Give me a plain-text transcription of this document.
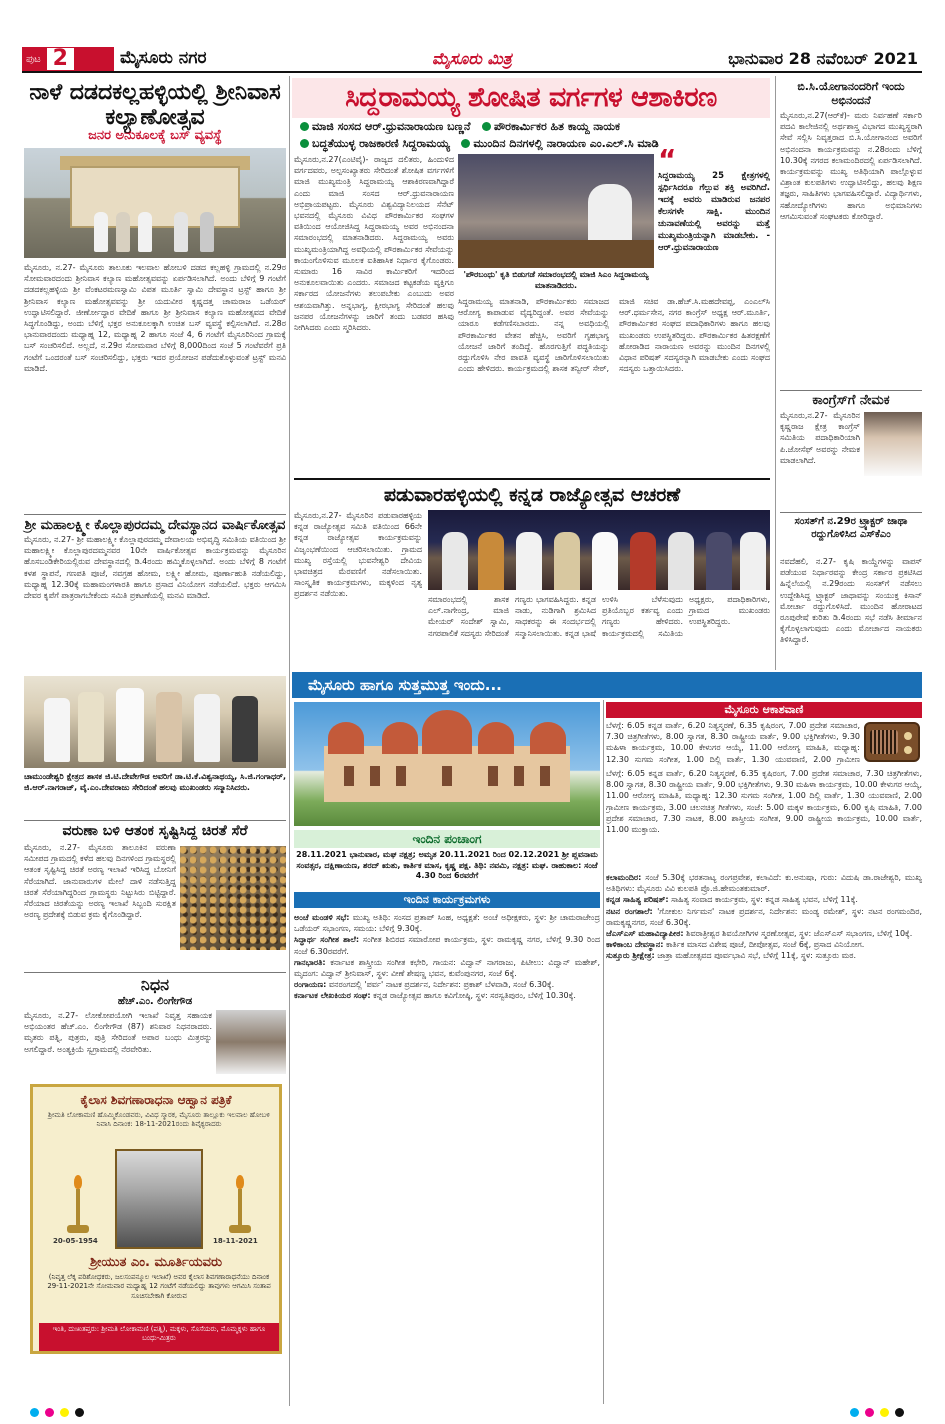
ಪುಟ 2	ಮೈಸೂರು ನಗರ	ಮೈಸೂರು ಮಿತ್ರ	ಭಾನುವಾರ 28 ನವೆಂಬರ್ 2021
ನಾಳೆ ದಡದಕಲ್ಲಹಳ್ಳಿಯಲ್ಲಿ ಶ್ರೀನಿವಾಸ ಕಲ್ಯಾಣೋತ್ಸವ
ಜನರ ಅನುಕೂಲಕ್ಕೆ ಬಸ್ ವ್ಯವಸ್ಥೆ
ಮೈಸೂರು, ನ.27- ಮೈಸೂರು ತಾಲೂಕು ಇಲವಾಲ ಹೋಬಳಿ ದಡದ ಕಲ್ಲಹಳ್ಳಿ ಗ್ರಾಮದಲ್ಲಿ ನ.29ರ ಸೋಮವಾರದಂದು ಶ್ರೀನಿವಾಸ ಕಲ್ಯಾಣ ಮಹೋತ್ಸವವನ್ನು ಏರ್ಪಡಿಸಲಾಗಿದೆ. ಅಂದು ಬೆಳಿಗ್ಗೆ 9 ಗಂಟೆಗೆ ದಡದಕಲ್ಲಹಳ್ಳಿಯ ಶ್ರೀ ವೆಂಕಟರಮಣಸ್ವಾಮಿ ವಿಪತ ಮೂರ್ತಿ ಸ್ವಾಮಿ ದೇವಸ್ಥಾನ ಟ್ರಸ್ಟ್ ಹಾಗೂ ಶ್ರೀ ಶ್ರೀನಿವಾಸ ಕಲ್ಯಾಣ ಮಹೋತ್ಸವವನ್ನು ಶ್ರೀ ಯದುವೀರ ಕೃಷ್ಣದತ್ತ ಚಾಮರಾಜ ಒಡೆಯರ್ ಉದ್ಘಾಟಿಸಲಿದ್ದಾರೆ. ಜೀರ್ಣೋದ್ಧಾರ ವೇದಿಕೆ ಹಾಗೂ ಶ್ರೀ ಶ್ರೀನಿವಾಸ ಕಲ್ಯಾಣ ಮಹೋತ್ಸವದ ವೇದಿಕೆ ಸಿದ್ಧಗೊಂಡಿದ್ದು, ಅಂದು ಬೆಳಿಗ್ಗೆ ಭಕ್ತರ ಅನುಕೂಲಕ್ಕಾಗಿ ಉಚಿತ ಬಸ್ ವ್ಯವಸ್ಥೆ ಕಲ್ಪಿಸಲಾಗಿದೆ. ನ.28ರ ಭಾನುವಾರದಂದು ಮಧ್ಯಾಹ್ನ 12, ಮಧ್ಯಾಹ್ನ 2 ಹಾಗೂ ಸಂಜೆ 4, 6 ಗಂಟೆಗೆ ಮೈಸೂರಿನಿಂದ ಗ್ರಾಮಕ್ಕೆ ಬಸ್ ಸಂಚರಿಸಲಿದೆ. ಅಲ್ಲದೆ, ನ.29ರ ಸೋಮವಾರ ಬೆಳಿಗ್ಗೆ 8,000ದಿಂದ ಸಂಜೆ 5 ಗಂಟೆವರೆಗೆ ಪ್ರತಿ ಗಂಟೆಗೆ ಒಂದರಂತೆ ಬಸ್ ಸಂಚರಿಸಲಿದ್ದು, ಭಕ್ತರು ಇದರ ಪ್ರಯೋಜನ ಪಡೆದುಕೊಳ್ಳುವಂತೆ ಟ್ರಸ್ಟ್ ಮನವಿ ಮಾಡಿದೆ.
ಶ್ರೀ ಮಹಾಲಕ್ಷ್ಮೀ ಕೊಲ್ಲಾಪುರದಮ್ಮ ದೇವಸ್ಥಾನದ ವಾರ್ಷಿಕೋತ್ಸವ
ಮೈಸೂರು, ನ.27- ಶ್ರೀ ಮಹಾಲಕ್ಷ್ಮೀ ಕೊಲ್ಲಾಪುರದಮ್ಮ ದೇವಾಲಯ ಅಭಿವೃದ್ಧಿ ಸಮಿತಿಯ ವತಿಯಿಂದ ಶ್ರೀ ಮಹಾಲಕ್ಷ್ಮೀ ಕೊಲ್ಲಾಪುರದಮ್ಮನವರ 10ನೇ ವಾರ್ಷಿಕೋತ್ಸವ ಕಾರ್ಯಕ್ರಮವನ್ನು ಮೈಸೂರಿನ ಹೊಸಬಂಡಿಕೇರಿಯಲ್ಲಿರುವ ದೇವಸ್ಥಾನದಲ್ಲಿ ಡಿ.4ರಂದು ಹಮ್ಮಿಕೊಳ್ಳಲಾಗಿದೆ. ಅಂದು ಬೆಳಿಗ್ಗೆ 8 ಗಂಟೆಗೆ ಕಳಶ ಸ್ಥಾಪನೆ, ಗಣಪತಿ ಪೂಜೆ, ನವಗ್ರಹ ಹೋಮ, ಲಕ್ಷ್ಮೀ ಹೋಮ, ಪೂರ್ಣಾಹುತಿ ನಡೆಯಲಿದ್ದು, ಮಧ್ಯಾಹ್ನ 12.30ಕ್ಕೆ ಮಹಾಮಂಗಳಾರತಿ ಹಾಗೂ ಪ್ರಸಾದ ವಿನಿಯೋಗ ನಡೆಯಲಿದೆ. ಭಕ್ತರು ಆಗಮಿಸಿ ದೇವರ ಕೃಪೆಗೆ ಪಾತ್ರರಾಗಬೇಕೆಂದು ಸಮಿತಿ ಪ್ರಕಟಣೆಯಲ್ಲಿ ಮನವಿ ಮಾಡಿದೆ.
ಚಾಮುಂಡೇಶ್ವರಿ ಕ್ಷೇತ್ರದ ಶಾಸಕ ಜಿ.ಟಿ.ದೇವೇಗೌಡ ಅವರಿಗೆ ಡಾ.ಟಿ.ಕೆ.ವಿಶ್ವನಾಥಯ್ಯ, ಸಿ.ಜಿ.ಗಂಗಾಧರ್, ಜಿ.ಆರ್.ನಾಗರಾಜ್, ವೈ.ಎಂ.ದೇವರಾಜು ಸೇರಿದಂತೆ ಹಲವು ಮುಖಂಡರು ಸನ್ಮಾನಿಸಿದರು.
ವರುಣಾ ಬಳಿ ಆತಂಕ ಸೃಷ್ಟಿಸಿದ್ದ ಚಿರತೆ ಸೆರೆ
ಮೈಸೂರು, ನ.27- ಮೈಸೂರು ತಾಲೂಕಿನ ವರುಣಾ ಸಮೀಪದ ಗ್ರಾಮದಲ್ಲಿ ಕಳೆದ ಹಲವು ದಿನಗಳಿಂದ ಗ್ರಾಮಸ್ಥರಲ್ಲಿ ಆತಂಕ ಸೃಷ್ಟಿಸಿದ್ದ ಚಿರತೆ ಅರಣ್ಯ ಇಲಾಖೆ ಇರಿಸಿದ್ದ ಬೋನಿಗೆ ಸೆರೆಯಾಗಿದೆ. ಜಾನುವಾರುಗಳ ಮೇಲೆ ದಾಳಿ ನಡೆಸುತ್ತಿದ್ದ ಚಿರತೆ ಸೆರೆಯಾಗಿದ್ದರಿಂದ ಗ್ರಾಮಸ್ಥರು ನಿಟ್ಟುಸಿರು ಬಿಟ್ಟಿದ್ದಾರೆ. ಸೆರೆಯಾದ ಚಿರತೆಯನ್ನು ಅರಣ್ಯ ಇಲಾಖೆ ಸಿಬ್ಬಂದಿ ಸುರಕ್ಷಿತ ಅರಣ್ಯ ಪ್ರದೇಶಕ್ಕೆ ಬಿಡುವ ಕ್ರಮ ಕೈಗೊಂಡಿದ್ದಾರೆ.
ನಿಧನ
ಹೆಚ್.ಎಂ. ಲಿಂಗೇಗೌಡ
ಮೈಸೂರು, ನ.27- ಲೋಕೋಪಯೋಗಿ ಇಲಾಖೆ ನಿವೃತ್ತ ಸಹಾಯಕ ಅಭಿಯಂತರ ಹೆಚ್.ಎಂ. ಲಿಂಗೇಗೌಡ (87) ಶನಿವಾರ ನಿಧನರಾದರು. ಮೃತರು ಪತ್ನಿ, ಪುತ್ರರು, ಪುತ್ರಿ ಸೇರಿದಂತೆ ಅಪಾರ ಬಂಧು ಮಿತ್ರರನ್ನು ಅಗಲಿದ್ದಾರೆ. ಅಂತ್ಯಕ್ರಿಯೆ ಸ್ವಗ್ರಾಮದಲ್ಲಿ ನೆರವೇರಿತು.
ಕೈಲಾಸ ಶಿವಗಣಾರಾಧನಾ ಆಹ್ವಾನ ಪತ್ರಿಕೆ
ಶ್ರೀಮತಿ ಲೋಕಾಮಣಿ ಹೊಮ್ಮಿಕೊಂಡವರು, ವಿವಿಧ ಸ್ಮಾರಕ, ಮೈಸೂರು ತಾಲ್ಲೂಕು ಇಲವಾಲ ಹೋಬಳಿ ನಿವಾಸಿ ದಿನಾಂಕ: 18-11-2021ರಂದು ಶಿವೈಕ್ಯರಾದರು
20-05-1954	18-11-2021
ಶ್ರೀಯುತ ಎಂ. ಮೂರ್ತಿಯವರು
(ನಿವೃತ್ತ ಲೆಕ್ಕ ಪರಿಶೋಧಕರು, ಜಲಸಂಪನ್ಮೂಲ ಇಲಾಖೆ) ಅವರ ಕೈಲಾಸ ಶಿವಗಣಾರಾಧನೆಯು ದಿನಾಂಕ 29-11-2021ನೇ ಸೋಮವಾರ ಮಧ್ಯಾಹ್ನ 12 ಗಂಟೆಗೆ ನಡೆಯಲಿದ್ದು ತಾವುಗಳು ಆಗಮಿಸಿ ಸಂತಾಪ ಸೂಚಿಸಬೇಕಾಗಿ ಕೋರುವ
ಇಂತಿ, ದುಃಖತಪ್ತರು: ಶ್ರೀಮತಿ ಲೋಕಾಮಣಿ (ಪತ್ನಿ), ಮಕ್ಕಳು, ಸೊಸೆಯರು, ಮೊಮ್ಮಕ್ಕಳು ಹಾಗೂ ಬಂಧು-ಮಿತ್ರರು
ಸಿದ್ದರಾಮಯ್ಯ ಶೋಷಿತ ವರ್ಗಗಳ ಆಶಾಕಿರಣ
ಮಾಜಿ ಸಂಸದ ಆರ್.ಧ್ರುವನಾರಾಯಣ ಬಣ್ಣನೆ ಪೌರಕಾರ್ಮಿಕರ ಹಿತ ಕಾಯ್ದ ನಾಯಕ
ಬದ್ಧತೆಯುಳ್ಳ ರಾಜಕಾರಣಿ ಸಿದ್ದರಾಮಯ್ಯ ಮುಂದಿನ ದಿನಗಳಲ್ಲಿ ನಾರಾಯಣ ಎಂ.ಎಲ್.ಸಿ ಮಾಡಿ
ಮೈಸೂರು,ನ.27(ಎಂಟಿವೈ)- ರಾಜ್ಯದ ದಲಿತರು, ಹಿಂದುಳಿದ ವರ್ಗದವರು, ಅಲ್ಪಸಂಖ್ಯಾತರು ಸೇರಿದಂತೆ ಶೋಷಿತ ವರ್ಗಗಳಿಗೆ ಮಾಜಿ ಮುಖ್ಯಮಂತ್ರಿ ಸಿದ್ದರಾಮಯ್ಯ ಆಶಾಕಿರಣವಾಗಿದ್ದಾರೆ ಎಂದು ಮಾಜಿ ಸಂಸದ ಆರ್.ಧ್ರುವನಾರಾಯಣ ಅಭಿಪ್ರಾಯಪಟ್ಟರು. ಮೈಸೂರು ವಿಶ್ವವಿದ್ಯಾನಿಲಯದ ಸೆನೆಟ್ ಭವನದಲ್ಲಿ ಮೈಸೂರು ವಿವಿಧ ಪೌರಕಾರ್ಮಿಕರ ಸಂಘಗಳ ವತಿಯಿಂದ ಆಯೋಜಿಸಿದ್ದ ಸಿದ್ದರಾಮಯ್ಯ ಅವರ ಅಭಿನಂದನಾ ಸಮಾರಂಭದಲ್ಲಿ ಮಾತನಾಡಿದರು. ಸಿದ್ದರಾಮಯ್ಯ ಅವರು ಮುಖ್ಯಮಂತ್ರಿಯಾಗಿದ್ದ ಅವಧಿಯಲ್ಲಿ ಪೌರಕಾರ್ಮಿಕರ ಸೇವೆಯನ್ನು ಕಾಯಂಗೊಳಿಸುವ ಮೂಲಕ ಐತಿಹಾಸಿಕ ನಿರ್ಧಾರ ಕೈಗೊಂಡರು. ಸುಮಾರು 16 ಸಾವಿರ ಕಾರ್ಮಿಕರಿಗೆ ಇದರಿಂದ ಅನುಕೂಲವಾಯಿತು ಎಂದರು. ಸಮಾಜದ ಕಟ್ಟಕಡೆಯ ವ್ಯಕ್ತಿಗೂ ಸರ್ಕಾರದ ಯೋಜನೆಗಳು ತಲುಪಬೇಕು ಎಂಬುದು ಅವರ ಆಶಯವಾಗಿತ್ತು. ಅನ್ನಭಾಗ್ಯ, ಕ್ಷೀರಭಾಗ್ಯ ಸೇರಿದಂತೆ ಹಲವು ಜನಪರ ಯೋಜನೆಗಳನ್ನು ಜಾರಿಗೆ ತಂದು ಬಡವರ ಹಸಿವು ನೀಗಿಸಿದರು ಎಂದು ಸ್ಮರಿಸಿದರು.
'ಪೌರಬಂಧು' ಕೃತಿ ಬಿಡುಗಡೆ ಸಮಾರಂಭದಲ್ಲಿ ಮಾಜಿ ಸಿಎಂ ಸಿದ್ದರಾಮಯ್ಯ ಮಾತನಾಡಿದರು.
“
ಸಿದ್ದರಾಮಯ್ಯ 25 ಕ್ಷೇತ್ರಗಳಲ್ಲಿ ಸ್ಪರ್ಧಿಸಿದರೂ ಗೆಲ್ಲುವ ಶಕ್ತಿ ಅವರಿಗಿದೆ. ಇದಕ್ಕೆ ಅವರು ಮಾಡಿರುವ ಜನಪರ ಕೆಲಸಗಳೇ ಸಾಕ್ಷಿ. ಮುಂದಿನ ಚುನಾವಣೆಯಲ್ಲಿ ಅವರನ್ನು ಮತ್ತೆ ಮುಖ್ಯಮಂತ್ರಿಯನ್ನಾಗಿ ಮಾಡಬೇಕು. - ಆರ್.ಧ್ರುವನಾರಾಯಣ
ಸಿದ್ದರಾಮಯ್ಯ ಮಾತನಾಡಿ, ಪೌರಕಾರ್ಮಿಕರು ಸಮಾಜದ ಆರೋಗ್ಯ ಕಾಪಾಡುವ ವೈದ್ಯರಿದ್ದಂತೆ. ಅವರ ಸೇವೆಯನ್ನು ಯಾರೂ ಕಡೆಗಣಿಸಬಾರದು. ನನ್ನ ಅವಧಿಯಲ್ಲಿ ಪೌರಕಾರ್ಮಿಕರ ವೇತನ ಹೆಚ್ಚಿಸಿ, ಅವರಿಗೆ ಗೃಹಭಾಗ್ಯ ಯೋಜನೆ ಜಾರಿಗೆ ತಂದಿದ್ದೆ. ಹೊರಗುತ್ತಿಗೆ ಪದ್ಧತಿಯನ್ನು ರದ್ದುಗೊಳಿಸಿ ನೇರ ಪಾವತಿ ವ್ಯವಸ್ಥೆ ಜಾರಿಗೊಳಿಸಲಾಯಿತು ಎಂದು ಹೇಳಿದರು. ಕಾರ್ಯಕ್ರಮದಲ್ಲಿ ಶಾಸಕ ತನ್ವೀರ್ ಸೇಠ್, ಮಾಜಿ ಸಚಿವ ಡಾ.ಹೆಚ್.ಸಿ.ಮಹದೇವಪ್ಪ, ಎಂಎಲ್‌ಸಿ ಆರ್.ಧರ್ಮಸೇನ, ನಗರ ಕಾಂಗ್ರೆಸ್ ಅಧ್ಯಕ್ಷ ಆರ್.ಮೂರ್ತಿ, ಪೌರಕಾರ್ಮಿಕರ ಸಂಘದ ಪದಾಧಿಕಾರಿಗಳು ಹಾಗೂ ಹಲವು ಮುಖಂಡರು ಉಪಸ್ಥಿತರಿದ್ದರು. ಪೌರಕಾರ್ಮಿಕರ ಹಿತರಕ್ಷಣೆಗೆ ಹೋರಾಡಿದ ನಾರಾಯಣ ಅವರನ್ನು ಮುಂದಿನ ದಿನಗಳಲ್ಲಿ ವಿಧಾನ ಪರಿಷತ್ ಸದಸ್ಯರನ್ನಾಗಿ ಮಾಡಬೇಕು ಎಂದು ಸಂಘದ ಸದಸ್ಯರು ಒತ್ತಾಯಿಸಿದರು.
ಪಡುವಾರಹಳ್ಳಿಯಲ್ಲಿ ಕನ್ನಡ ರಾಜ್ಯೋತ್ಸವ ಆಚರಣೆ
ಮೈಸೂರು,ನ.27- ಮೈಸೂರಿನ ಪಡುವಾರಹಳ್ಳಿಯ ಕನ್ನಡ ರಾಜ್ಯೋತ್ಸವ ಸಮಿತಿ ವತಿಯಿಂದ 66ನೇ ಕನ್ನಡ ರಾಜ್ಯೋತ್ಸವ ಕಾರ್ಯಕ್ರಮವನ್ನು ವಿಜೃಂಭಣೆಯಿಂದ ಆಚರಿಸಲಾಯಿತು. ಗ್ರಾಮದ ಮುಖ್ಯ ರಸ್ತೆಯಲ್ಲಿ ಭುವನೇಶ್ವರಿ ದೇವಿಯ ಭಾವಚಿತ್ರದ ಮೆರವಣಿಗೆ ನಡೆಸಲಾಯಿತು. ಸಾಂಸ್ಕೃತಿಕ ಕಾರ್ಯಕ್ರಮಗಳು, ಮಕ್ಕಳಿಂದ ನೃತ್ಯ ಪ್ರದರ್ಶನ ನಡೆಯಿತು.
ಸಮಾರಂಭದಲ್ಲಿ ಶಾಸಕ ಎಲ್.ನಾಗೇಂದ್ರ, ಮಾಜಿ ಮೇಯರ್ ಸಂದೇಶ್ ಸ್ವಾಮಿ, ನಗರಪಾಲಿಕೆ ಸದಸ್ಯರು ಸೇರಿದಂತೆ ಗಣ್ಯರು ಭಾಗವಹಿಸಿದ್ದರು. ಕನ್ನಡ ನಾಡು, ನುಡಿಗಾಗಿ ಶ್ರಮಿಸಿದ ಸಾಧಕರನ್ನು ಈ ಸಂದರ್ಭದಲ್ಲಿ ಸನ್ಮಾನಿಸಲಾಯಿತು. ಕನ್ನಡ ಭಾಷೆ ಉಳಿಸಿ ಬೆಳೆಸುವುದು ಪ್ರತಿಯೊಬ್ಬರ ಕರ್ತವ್ಯ ಎಂದು ಗಣ್ಯರು ಹೇಳಿದರು. ಕಾರ್ಯಕ್ರಮದಲ್ಲಿ ಸಮಿತಿಯ ಅಧ್ಯಕ್ಷರು, ಪದಾಧಿಕಾರಿಗಳು, ಗ್ರಾಮದ ಮುಖಂಡರು ಉಪಸ್ಥಿತರಿದ್ದರು.
ಬಿ.ಸಿ.ಯೋಗಾನಂದರಿಗೆ ಇಂದು ಅಭಿನಂದನೆ
ಮೈಸೂರು,ನ.27(ಆರ್‌ಕೆ)- ಮರು ನಿರ್ವಹಣೆ ಸರ್ಕಾರಿ ಪದವಿ ಕಾಲೇಜಿನಲ್ಲಿ ಅರ್ಥಶಾಸ್ತ್ರ ವಿಭಾಗದ ಮುಖ್ಯಸ್ಥರಾಗಿ ಸೇವೆ ಸಲ್ಲಿಸಿ ನಿವೃತ್ತರಾದ ಬಿ.ಸಿ.ಯೋಗಾನಂದ ಅವರಿಗೆ ಅಭಿನಂದನಾ ಕಾರ್ಯಕ್ರಮವನ್ನು ನ.28ರಂದು ಬೆಳಿಗ್ಗೆ 10.30ಕ್ಕೆ ನಗರದ ಕಲಾಮಂದಿರದಲ್ಲಿ ಏರ್ಪಡಿಸಲಾಗಿದೆ. ಕಾರ್ಯಕ್ರಮವನ್ನು ಮುಖ್ಯ ಅತಿಥಿಯಾಗಿ ಪಾಲ್ಗೊಳ್ಳುವ ವಿಶ್ರಾಂತ ಕುಲಪತಿಗಳು ಉದ್ಘಾಟಿಸಲಿದ್ದು, ಹಲವು ಶಿಕ್ಷಣ ತಜ್ಞರು, ಸಾಹಿತಿಗಳು ಭಾಗವಹಿಸಲಿದ್ದಾರೆ. ವಿದ್ಯಾರ್ಥಿಗಳು, ಸಹೋದ್ಯೋಗಿಗಳು ಹಾಗೂ ಅಭಿಮಾನಿಗಳು ಆಗಮಿಸುವಂತೆ ಸಂಘಟಕರು ಕೋರಿದ್ದಾರೆ.
ಕಾಂಗ್ರೆಸ್‌ಗೆ ನೇಮಕ
ಮೈಸೂರು,ನ.27- ಮೈಸೂರಿನ ಕೃಷ್ಣರಾಜ ಕ್ಷೇತ್ರ ಕಾಂಗ್ರೆಸ್ ಸಮಿತಿಯ ಪದಾಧಿಕಾರಿಯಾಗಿ ಪಿ.ಜೋಸೆಫ್ ಅವರನ್ನು ನೇಮಕ ಮಾಡಲಾಗಿದೆ.
ಸಂಸತ್‌ಗೆ ನ.29ರ ಟ್ರ್ಯಾಕ್ಟರ್ ಜಾಥಾ ರದ್ದುಗೊಳಿಸಿದ ಎಸ್‌ಕೆಎಂ
ನವದೆಹಲಿ, ನ.27- ಕೃಷಿ ಕಾಯ್ದೆಗಳನ್ನು ವಾಪಸ್ ಪಡೆಯುವ ನಿರ್ಧಾರವನ್ನು ಕೇಂದ್ರ ಸರ್ಕಾರ ಪ್ರಕಟಿಸಿದ ಹಿನ್ನೆಲೆಯಲ್ಲಿ ನ.29ರಂದು ಸಂಸತ್‌ಗೆ ನಡೆಸಲು ಉದ್ದೇಶಿಸಿದ್ದ ಟ್ರ್ಯಾಕ್ಟರ್ ಜಾಥಾವನ್ನು ಸಂಯುಕ್ತ ಕಿಸಾನ್ ಮೋರ್ಚಾ ರದ್ದುಗೊಳಿಸಿದೆ. ಮುಂದಿನ ಹೋರಾಟದ ರೂಪುರೇಷೆ ಕುರಿತು ಡಿ.4ರಂದು ಸಭೆ ನಡೆಸಿ ತೀರ್ಮಾನ ಕೈಗೊಳ್ಳಲಾಗುವುದು ಎಂದು ಮೋರ್ಚಾದ ನಾಯಕರು ತಿಳಿಸಿದ್ದಾರೆ.
ಮೈಸೂರು ಹಾಗೂ ಸುತ್ತಮುತ್ತ ಇಂದು...
ಮೈಸೂರು ಆಕಾಶವಾಣಿ
ಬೆಳಗ್ಗೆ: 6.05 ಕನ್ನಡ ವಾರ್ತೆ, 6.20 ನಿತ್ಯಸ್ಮರಣೆ, 6.35 ಕೃಷಿರಂಗ, 7.00 ಪ್ರದೇಶ ಸಮಾಚಾರ, 7.30 ಚಿತ್ರಗೀತೆಗಳು, 8.00 ಸ್ವಾಗತ, 8.30 ರಾಷ್ಟ್ರೀಯ ವಾರ್ತೆ, 9.00 ಭಕ್ತಿಗೀತೆಗಳು, 9.30 ಮಹಿಳಾ ಕಾರ್ಯಕ್ರಮ, 10.00 ಕೇಳುಗರ ಆಯ್ಕೆ, 11.00 ಆರೋಗ್ಯ ಮಾಹಿತಿ, ಮಧ್ಯಾಹ್ನ: 12.30 ಸುಗಮ ಸಂಗೀತ, 1.00 ದಿಲ್ಲಿ ವಾರ್ತೆ, 1.30 ಯುವವಾಣಿ, 2.00 ಗ್ರಾಮೀಣ
ಬೆಳಗ್ಗೆ: 6.05 ಕನ್ನಡ ವಾರ್ತೆ, 6.20 ನಿತ್ಯಸ್ಮರಣೆ, 6.35 ಕೃಷಿರಂಗ, 7.00 ಪ್ರದೇಶ ಸಮಾಚಾರ, 7.30 ಚಿತ್ರಗೀತೆಗಳು, 8.00 ಸ್ವಾಗತ, 8.30 ರಾಷ್ಟ್ರೀಯ ವಾರ್ತೆ, 9.00 ಭಕ್ತಿಗೀತೆಗಳು, 9.30 ಮಹಿಳಾ ಕಾರ್ಯಕ್ರಮ, 10.00 ಕೇಳುಗರ ಆಯ್ಕೆ, 11.00 ಆರೋಗ್ಯ ಮಾಹಿತಿ, ಮಧ್ಯಾಹ್ನ: 12.30 ಸುಗಮ ಸಂಗೀತ, 1.00 ದಿಲ್ಲಿ ವಾರ್ತೆ, 1.30 ಯುವವಾಣಿ, 2.00 ಗ್ರಾಮೀಣ ಕಾರ್ಯಕ್ರಮ, 3.00 ಚಲನಚಿತ್ರ ಗೀತೆಗಳು, ಸಂಜೆ: 5.00 ಮಕ್ಕಳ ಕಾರ್ಯಕ್ರಮ, 6.00 ಕೃಷಿ ಮಾಹಿತಿ, 7.00 ಪ್ರದೇಶ ಸಮಾಚಾರ, 7.30 ನಾಟಕ, 8.00 ಶಾಸ್ತ್ರೀಯ ಸಂಗೀತ, 9.00 ರಾಷ್ಟ್ರೀಯ ಕಾರ್ಯಕ್ರಮ, 10.00 ವಾರ್ತೆ, 11.00 ಮುಕ್ತಾಯ.
ಇಂದಿನ ಪಂಚಾಂಗ
28.11.2021 ಭಾನುವಾರ, ಮಘ ನಕ್ಷತ್ರ; ಅಮೃತ 20.11.2021 ರಿಂದ 02.12.2021 ಶ್ರೀ ಪ್ಲವನಾಮ ಸಂವತ್ಸರ, ದಕ್ಷಿಣಾಯಣ, ಶರದ್ ಋತು, ಕಾರ್ತಿಕ ಮಾಸ, ಕೃಷ್ಣ ಪಕ್ಷ. ತಿಥಿ: ನವಮಿ, ನಕ್ಷತ್ರ: ಮಘ. ರಾಹುಕಾಲ: ಸಂಜೆ 4.30 ರಿಂದ 6ರವರೆಗೆ
ಇಂದಿನ ಕಾರ್ಯಕ್ರಮಗಳು

ಅಂಚೆ ಮಂಡಳಿ ಸಭೆ: ಮುಖ್ಯ ಅತಿಥಿ: ಸಂಸದ ಪ್ರತಾಪ್ ಸಿಂಹ, ಅಧ್ಯಕ್ಷತೆ: ಅಂಚೆ ಅಧೀಕ್ಷಕರು, ಸ್ಥಳ: ಶ್ರೀ ಚಾಮರಾಜೇಂದ್ರ ಒಡೆಯರ್ ಸಭಾಂಗಣ, ಸಮಯ: ಬೆಳಿಗ್ಗೆ 9.30ಕ್ಕೆ.

ಸಿದ್ಧಾರ್ಥ ಸಂಗೀತ ಶಾಲೆ: ಸಂಗೀತ ಶಿಬಿರದ ಸಮಾರೋಪ ಕಾರ್ಯಕ್ರಮ, ಸ್ಥಳ: ರಾಮಕೃಷ್ಣ ನಗರ, ಬೆಳಿಗ್ಗೆ 9.30 ರಿಂದ ಸಂಜೆ 6.30ರವರೆಗೆ.

ಗಾನಭಾರತಿ: ಕರ್ನಾಟಕ ಶಾಸ್ತ್ರೀಯ ಸಂಗೀತ ಕಛೇರಿ, ಗಾಯನ: ವಿದ್ವಾನ್ ನಾಗರಾಜು, ಪಿಟೀಲು: ವಿದ್ವಾನ್ ಮಹೇಶ್, ಮೃದಂಗ: ವಿದ್ವಾನ್ ಶ್ರೀನಿವಾಸ್, ಸ್ಥಳ: ವೀಣೆ ಶೇಷಣ್ಣ ಭವನ, ಕುವೆಂಪುನಗರ, ಸಂಜೆ 6ಕ್ಕೆ.

ರಂಗಾಯಣ: ವನರಂಗದಲ್ಲಿ 'ಪರ್ವ' ನಾಟಕ ಪ್ರದರ್ಶನ, ನಿರ್ದೇಶನ: ಪ್ರಕಾಶ್ ಬೆಳವಾಡಿ, ಸಂಜೆ 6.30ಕ್ಕೆ.

ಕರ್ನಾಟಕ ಲೇಖಕಿಯರ ಸಂಘ: ಕನ್ನಡ ರಾಜ್ಯೋತ್ಸವ ಹಾಗೂ ಕವಿಗೋಷ್ಠಿ, ಸ್ಥಳ: ಸರಸ್ವತಿಪುರಂ, ಬೆಳಿಗ್ಗೆ 10.30ಕ್ಕೆ.

ಕಲಾಮಂದಿರ: ಸಂಜೆ 5.30ಕ್ಕೆ ಭರತನಾಟ್ಯ ರಂಗಪ್ರವೇಶ, ಕಲಾವಿದೆ: ಕು.ಅನುಷಾ, ಗುರು: ವಿದುಷಿ ಡಾ.ರಾಜೇಶ್ವರಿ, ಮುಖ್ಯ ಅತಿಥಿಗಳು: ಮೈಸೂರು ವಿವಿ ಕುಲಪತಿ ಪ್ರೊ.ಜಿ.ಹೇಮಂತಕುಮಾರ್.

ಕನ್ನಡ ಸಾಹಿತ್ಯ ಪರಿಷತ್: ಸಾಹಿತ್ಯ ಸಂವಾದ ಕಾರ್ಯಕ್ರಮ, ಸ್ಥಳ: ಕನ್ನಡ ಸಾಹಿತ್ಯ ಭವನ, ಬೆಳಿಗ್ಗೆ 11ಕ್ಕೆ.

ನಟನ ರಂಗಶಾಲೆ: 'ಗೋಕುಲ ನಿರ್ಗಮನ' ನಾಟಕ ಪ್ರದರ್ಶನ, ನಿರ್ದೇಶನ: ಮಂಡ್ಯ ರಮೇಶ್, ಸ್ಥಳ: ನಟನ ರಂಗಮಂದಿರ, ರಾಮಕೃಷ್ಣನಗರ, ಸಂಜೆ 6.30ಕ್ಕೆ.

ಜೆಎಸ್‌ಎಸ್ ಮಹಾವಿದ್ಯಾಪೀಠ: ಶಿವರಾತ್ರೀಶ್ವರ ಶಿವಯೋಗಿಗಳ ಸ್ಮರಣೋತ್ಸವ, ಸ್ಥಳ: ಜೆಎಸ್‌ಎಸ್ ಸಭಾಂಗಣ, ಬೆಳಿಗ್ಗೆ 10ಕ್ಕೆ.

ಕಾಳಿಕಾಂಬ ದೇವಸ್ಥಾನ: ಕಾರ್ತಿಕ ಮಾಸದ ವಿಶೇಷ ಪೂಜೆ, ದೀಪೋತ್ಸವ, ಸಂಜೆ 6ಕ್ಕೆ, ಪ್ರಸಾದ ವಿನಿಯೋಗ.

ಸುತ್ತೂರು ಶ್ರೀಕ್ಷೇತ್ರ: ಜಾತ್ರಾ ಮಹೋತ್ಸವದ ಪೂರ್ವಭಾವಿ ಸಭೆ, ಬೆಳಿಗ್ಗೆ 11ಕ್ಕೆ, ಸ್ಥಳ: ಸುತ್ತೂರು ಮಠ.
